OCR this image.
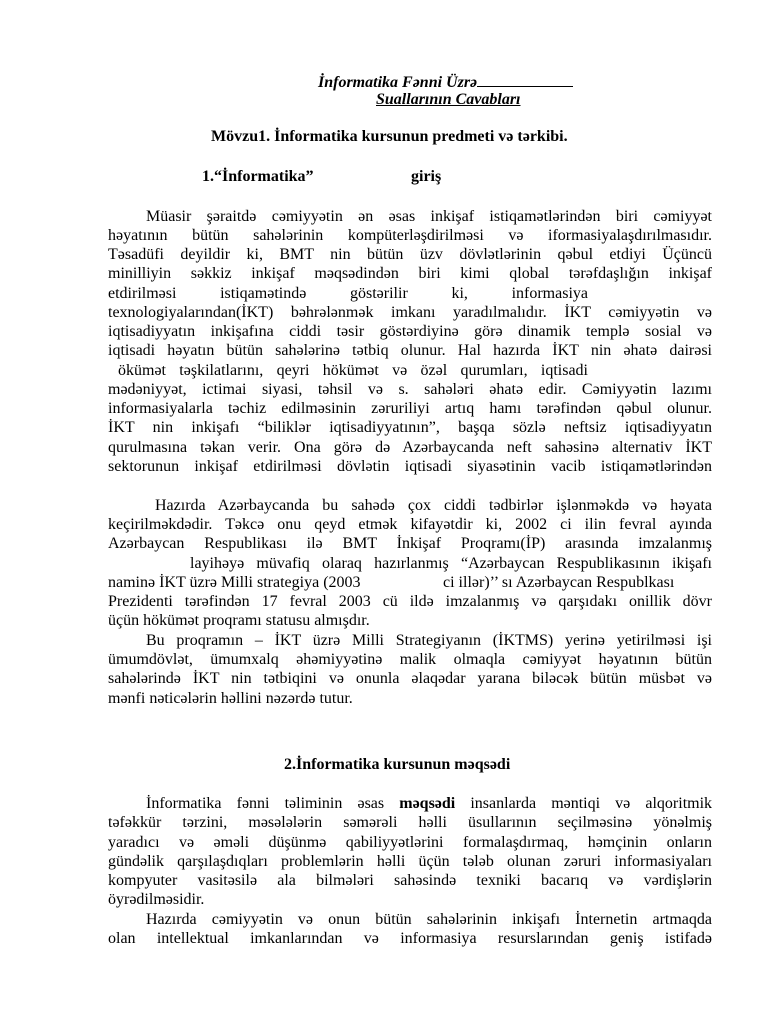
İnformatika Fənni Üzrə
Suallarının Cavabları
Mövzu1. İnformatika kursunun predmeti və tərkibi.
1.“İnformatika”	giriş
Müasir şəraitdə cəmiyyətin ən əsas inkişaf istiqamətlərindən biri cəmiyyət
həyatının bütün sahələrinin kompüterləşdirilməsi və iformasiyalaşdırılmasıdır.
Təsadüfi deyildir ki, BMT nin bütün üzv dövlətlərinin qəbul etdiyi Üçüncü
minilliyin səkkiz inkişaf məqsədindən biri kimi qlobal tərəfdaşlığın inkişaf
etdirilməsi istiqamətində göstərilir ki, informasiya
texnologiyalarından(İKT) bəhrələnmək imkanı yaradılmalıdır. İKT cəmiyyətin və
iqtisadiyyatın inkişafına ciddi təsir göstərdiyinə görə dinamik templə sosial və
iqtisadi həyatın bütün sahələrinə tətbiq olunur. Hal hazırda İKT nin əhatə dairəsi
ökümət təşkilatlarını, qeyri hökümət və özəl qurumları, iqtisadi
mədəniyyət, ictimai siyasi, təhsil və s. sahələri əhatə edir. Cəmiyyətin lazımı
informasiyalarla təchiz edilməsinin zəruriliyi artıq hamı tərəfindən qəbul olunur.
İKT nin inkişafı “biliklər iqtisadiyyatının”, başqa sözlə neftsiz iqtisadiyyatın
qurulmasına təkan verir. Ona görə də Azərbaycanda neft sahəsinə alternativ İKT
sektorunun inkişaf etdirilməsi dövlətin iqtisadi siyasətinin vacib istiqamətlərindən
Hazırda Azərbaycanda bu sahədə çox ciddi tədbirlər işlənməkdə və həyata
keçirilməkdədir. Təkcə onu qeyd etmək kifayətdir ki, 2002 ci ilin fevral ayında
Azərbaycan Respublikası ilə BMT İnkişaf Proqramı(İP) arasında imzalanmış
layihəyə müvafiq olaraq hazırlanmış “Azərbaycan Respublikasının ikişafı
naminə İKT üzrə Milli strategiya (2003	ci illər)’’ sı Azərbaycan Respublkası
Prezidenti tərəfindən 17 fevral 2003 cü ildə imzalanmış və qarşıdakı onillik dövr
üçün hökümət proqramı statusu almışdır.
Bu proqramın – İKT üzrə Milli Strategiyanın (İKTMS) yerinə yetirilməsi işi
ümumdövlət, ümumxalq əhəmiyyətinə malik olmaqla cəmiyyət həyatının bütün
sahələrində İKT nin tətbiqini və onunla əlaqədar yarana biləcək bütün müsbət və
mənfi nəticələrin həllini nəzərdə tutur.
2.İnformatika kursunun məqsədi
İnformatika fənni təliminin əsas məqsədi insanlarda məntiqi və alqoritmik
təfəkkür tərzini, məsələlərin səmərəli həlli üsullarının seçilməsinə yönəlmiş
yaradıcı və əməli düşünmə qabiliyyətlərini formalaşdırmaq, həmçinin onların
gündəlik qarşılaşdıqları problemlərin həlli üçün tələb olunan zəruri informasiyaları
kompyuter vasitəsilə ala bilmələri sahəsində texniki bacarıq və vərdişlərin
öyrədilməsidir.
Hazırda cəmiyyətin və onun bütün sahələrinin inkişafı İnternetin artmaqda
olan intellektual imkanlarından və informasiya resurslarından geniş istifadə
